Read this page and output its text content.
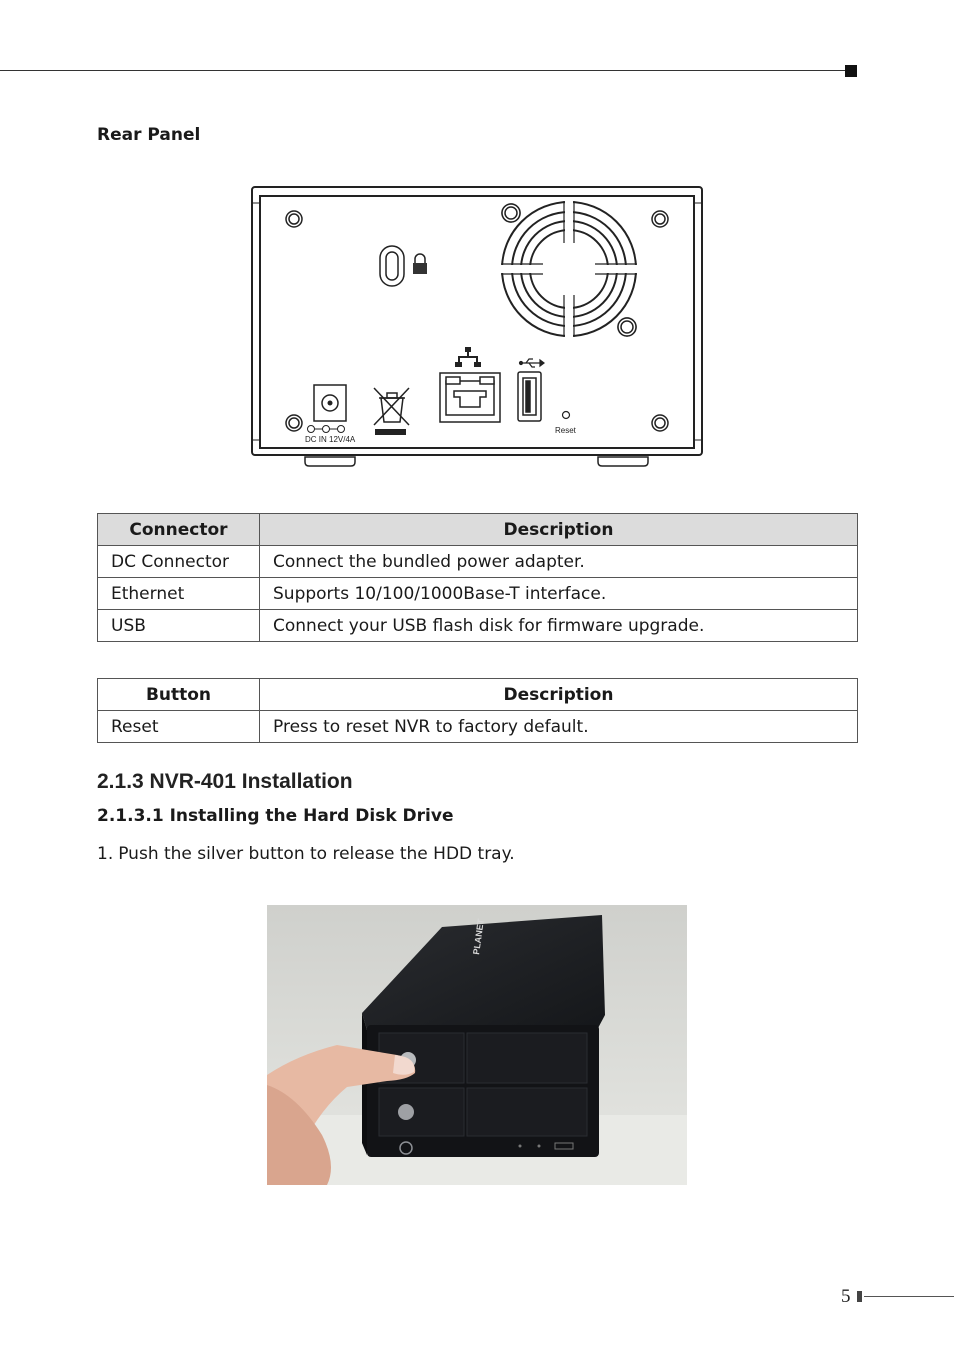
Rear Panel
DC IN 12V/4A
Reset
Connector	Description
DC Connector	Connect the bundled power adapter.
Ethernet	Supports 10/100/1000Base-T interface.
USB	Connect your USB flash disk for firmware upgrade.
Button	Description
Reset	Press to reset NVR to factory default.
2.1.3 NVR-401 Installation
2.1.3.1 Installing the Hard Disk Drive
1. Push the silver button to release the HDD tray.
PLANET
5
